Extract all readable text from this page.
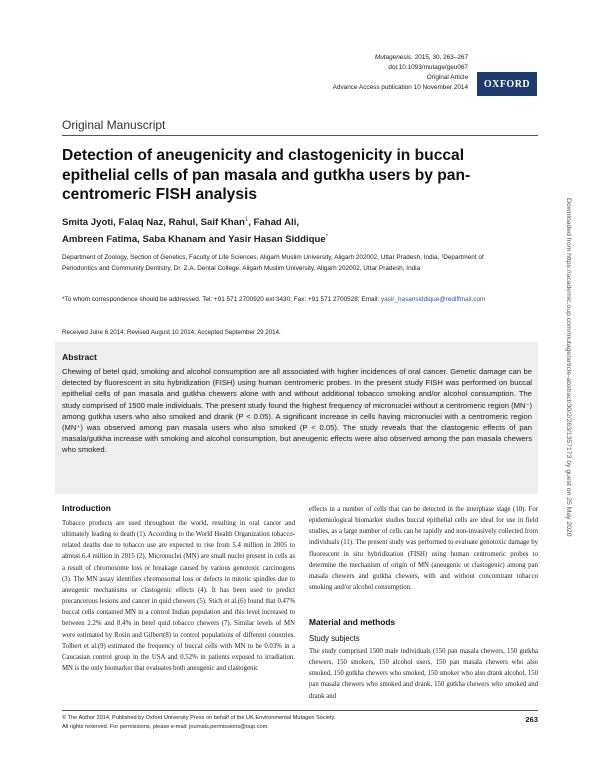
Mutagenesis, 2015, 30, 263–267
doi:10.1093/mutage/geu067
Original Article
Advance Access publication 10 November 2014	OXFORD
Original Manuscript
Detection of aneugenicity and clastogenicity in buccal epithelial cells of pan masala and gutkha users by pan-centromeric FISH analysis
Smita Jyoti, Falaq Naz, Rahul, Saif Khan$^1$, Fahad Ali,
Ambreen Fatima, Saba Khanam and Yasir Hasan Siddique*
Department of Zoology, Section of Genetics, Faculty of Life Sciences, Aligarh Muslim University, Aligarh 202002, Uttar Pradesh, India, ¹Department of Periodontics and Community Dentistry, Dr. Z.A. Dental College, Aligarh Muslim University, Aligarh 202002, Uttar Pradesh, India
*To whom correspondence should be addressed. Tel: +91 571 2700920 ext 3430; Fax: +91 571 2700528; Email: yasir_hasansiddique@rediffmail.com
Received June 6 2014; Revised August 10 2014; Accepted September 29 2014.
Abstract

Chewing of betel quid, smoking and alcohol consumption are all associated with higher incidences of oral cancer. Genetic damage can be detected by fluorescent in situ hybridization (FISH) using human centromeric probes. In the present study FISH was performed on buccal epithelial cells of pan masala and gutkha chewers alone with and without additional tobacco smoking and/or alcohol consumption. The study comprised of 1500 male individuals. The present study found the highest frequency of micronuclei without a centromeric region (MN⁻) among gutkha users who also smoked and drank (P < 0.05). A significant increase in cells having micronuclei with a centromeric region (MN⁺) was observed among pan masala users who also smoked (P < 0.05). The study reveals that the clastogenic effects of pan masala/gutkha increase with smoking and alcohol consumption, but aneugenic effects were also observed among the pan masala chewers who smoked.

Introduction

Tobacco products are used throughout the world, resulting in oral cancer and ultimately leading to death (1). According to the World Health Organization tobacco-related deaths due to tobacco use are expected to rise from 5.4 million in 2005 to almost 6.4 million in 2015 (2). Micronuclei (MN) are small nuclei present in cells as a result of chromosome loss or breakage caused by various genotoxic carcinogens (3). The MN assay identifies chromosomal loss or defects in mitotic spindles due to aneugenic mechanisms or clastogenic effects (4). It has been used to predict precancerous lesions and cancer in quid chewers (5). Stich et al.(6) found that 0.47% buccal cells contained MN in a control Indian population and this level increased to between 2.2% and 8.4% in betel quid tobacco chewers (7). Similar levels of MN were estimated by Rosin and Gilbert(8) in control populations of different countries. Tolbert et al.(9) estimated the frequency of buccal cells with MN to be 0.03% in a Caucasian control group in the USA and 0.52% in patients exposed to irradiation. MN is the only biomarker that evaluates both aneugenic and clastogenic

effects in a number of cells that can be detected in the interphase stage (10). For epidemiological biomarker studies buccal epithelial cells are ideal for use in field studies, as a large number of cells can be rapidly and non-invasively collected from individuals (11). The present study was performed to evaluate genotoxic damage by fluorescent in situ hybridization (FISH) using human centromeric probes to determine the mechanism of origin of MN (aneugenic or clastogenic) among pan masala chewers and gutkha chewers, with and without concomitant tobacco smoking and/or alcohol consumption.

Material and methods
Study subjects

The study comprised 1500 male individuals (150 pan masala chewers, 150 gutkha chewers, 150 smokers, 150 alcohol users, 150 pan masala chewers who also smoked, 150 gutkha chewers who smoked, 150 smoker who also drank alcohol, 150 pan masala chewers who smoked and drank, 150 gutkha chewers who smoked and drank and

© The Author 2014. Published by Oxford University Press on behalf of the UK Environmental Mutagen Society.
All rights reserved. For permissions, please e-mail: journals.permissions@oup.com.
263
Downloaded from https://academic.oup.com/mutage/article-abstract/30/2/263/1357173 by guest on 25 May 2020
